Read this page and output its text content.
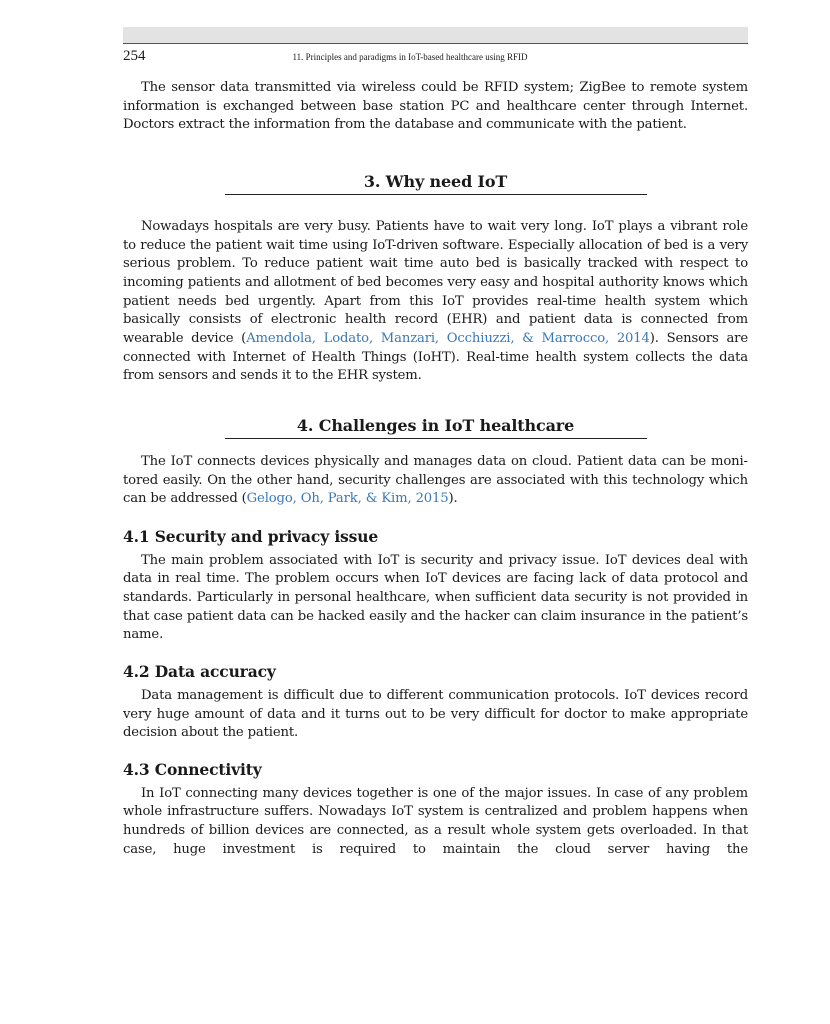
254	11. Principles and paradigms in IoT-based healthcare using RFID

The sensor data transmitted via wireless could be RFID system; ZigBee to remote system information is exchanged between base station PC and healthcare center through Internet. Doctors extract the information from the database and communicate with the patient.

3. Why need IoT

Nowadays hospitals are very busy. Patients have to wait very long. IoT plays a vibrant role to reduce the patient wait time using IoT-driven software. Especially allocation of bed is a very serious problem. To reduce patient wait time auto bed is basically tracked with respect to incoming patients and allotment of bed becomes very easy and hospital authority knows which patient needs bed urgently. Apart from this IoT provides real-time health system which basically consists of electronic health record (EHR) and patient data is connected from wearable device (Amendola, Lodato, Manzari, Occhiuzzi, & Marrocco, 2014). Sensors are connected with Internet of Health Things (IoHT). Real-time health system collects the data from sensors and sends it to the EHR system.

4. Challenges in IoT healthcare

The IoT connects devices physically and manages data on cloud. Patient data can be monitored easily. On the other hand, security challenges are associated with this technology which can be addressed (Gelogo, Oh, Park, & Kim, 2015).

4.1 Security and privacy issue

The main problem associated with IoT is security and privacy issue. IoT devices deal with data in real time. The problem occurs when IoT devices are facing lack of data protocol and standards. Particularly in personal healthcare, when sufficient data security is not provided in that case patient data can be hacked easily and the hacker can claim insurance in the patient’s name.

4.2 Data accuracy

Data management is difficult due to different communication protocols. IoT devices record very huge amount of data and it turns out to be very difficult for doctor to make appropriate decision about the patient.

4.3 Connectivity

In IoT connecting many devices together is one of the major issues. In case of any problem whole infrastructure suffers. Nowadays IoT system is centralized and problem happens when hundreds of billion devices are connected, as a result whole system gets overloaded. In that case, huge investment is required to maintain the cloud server having the
